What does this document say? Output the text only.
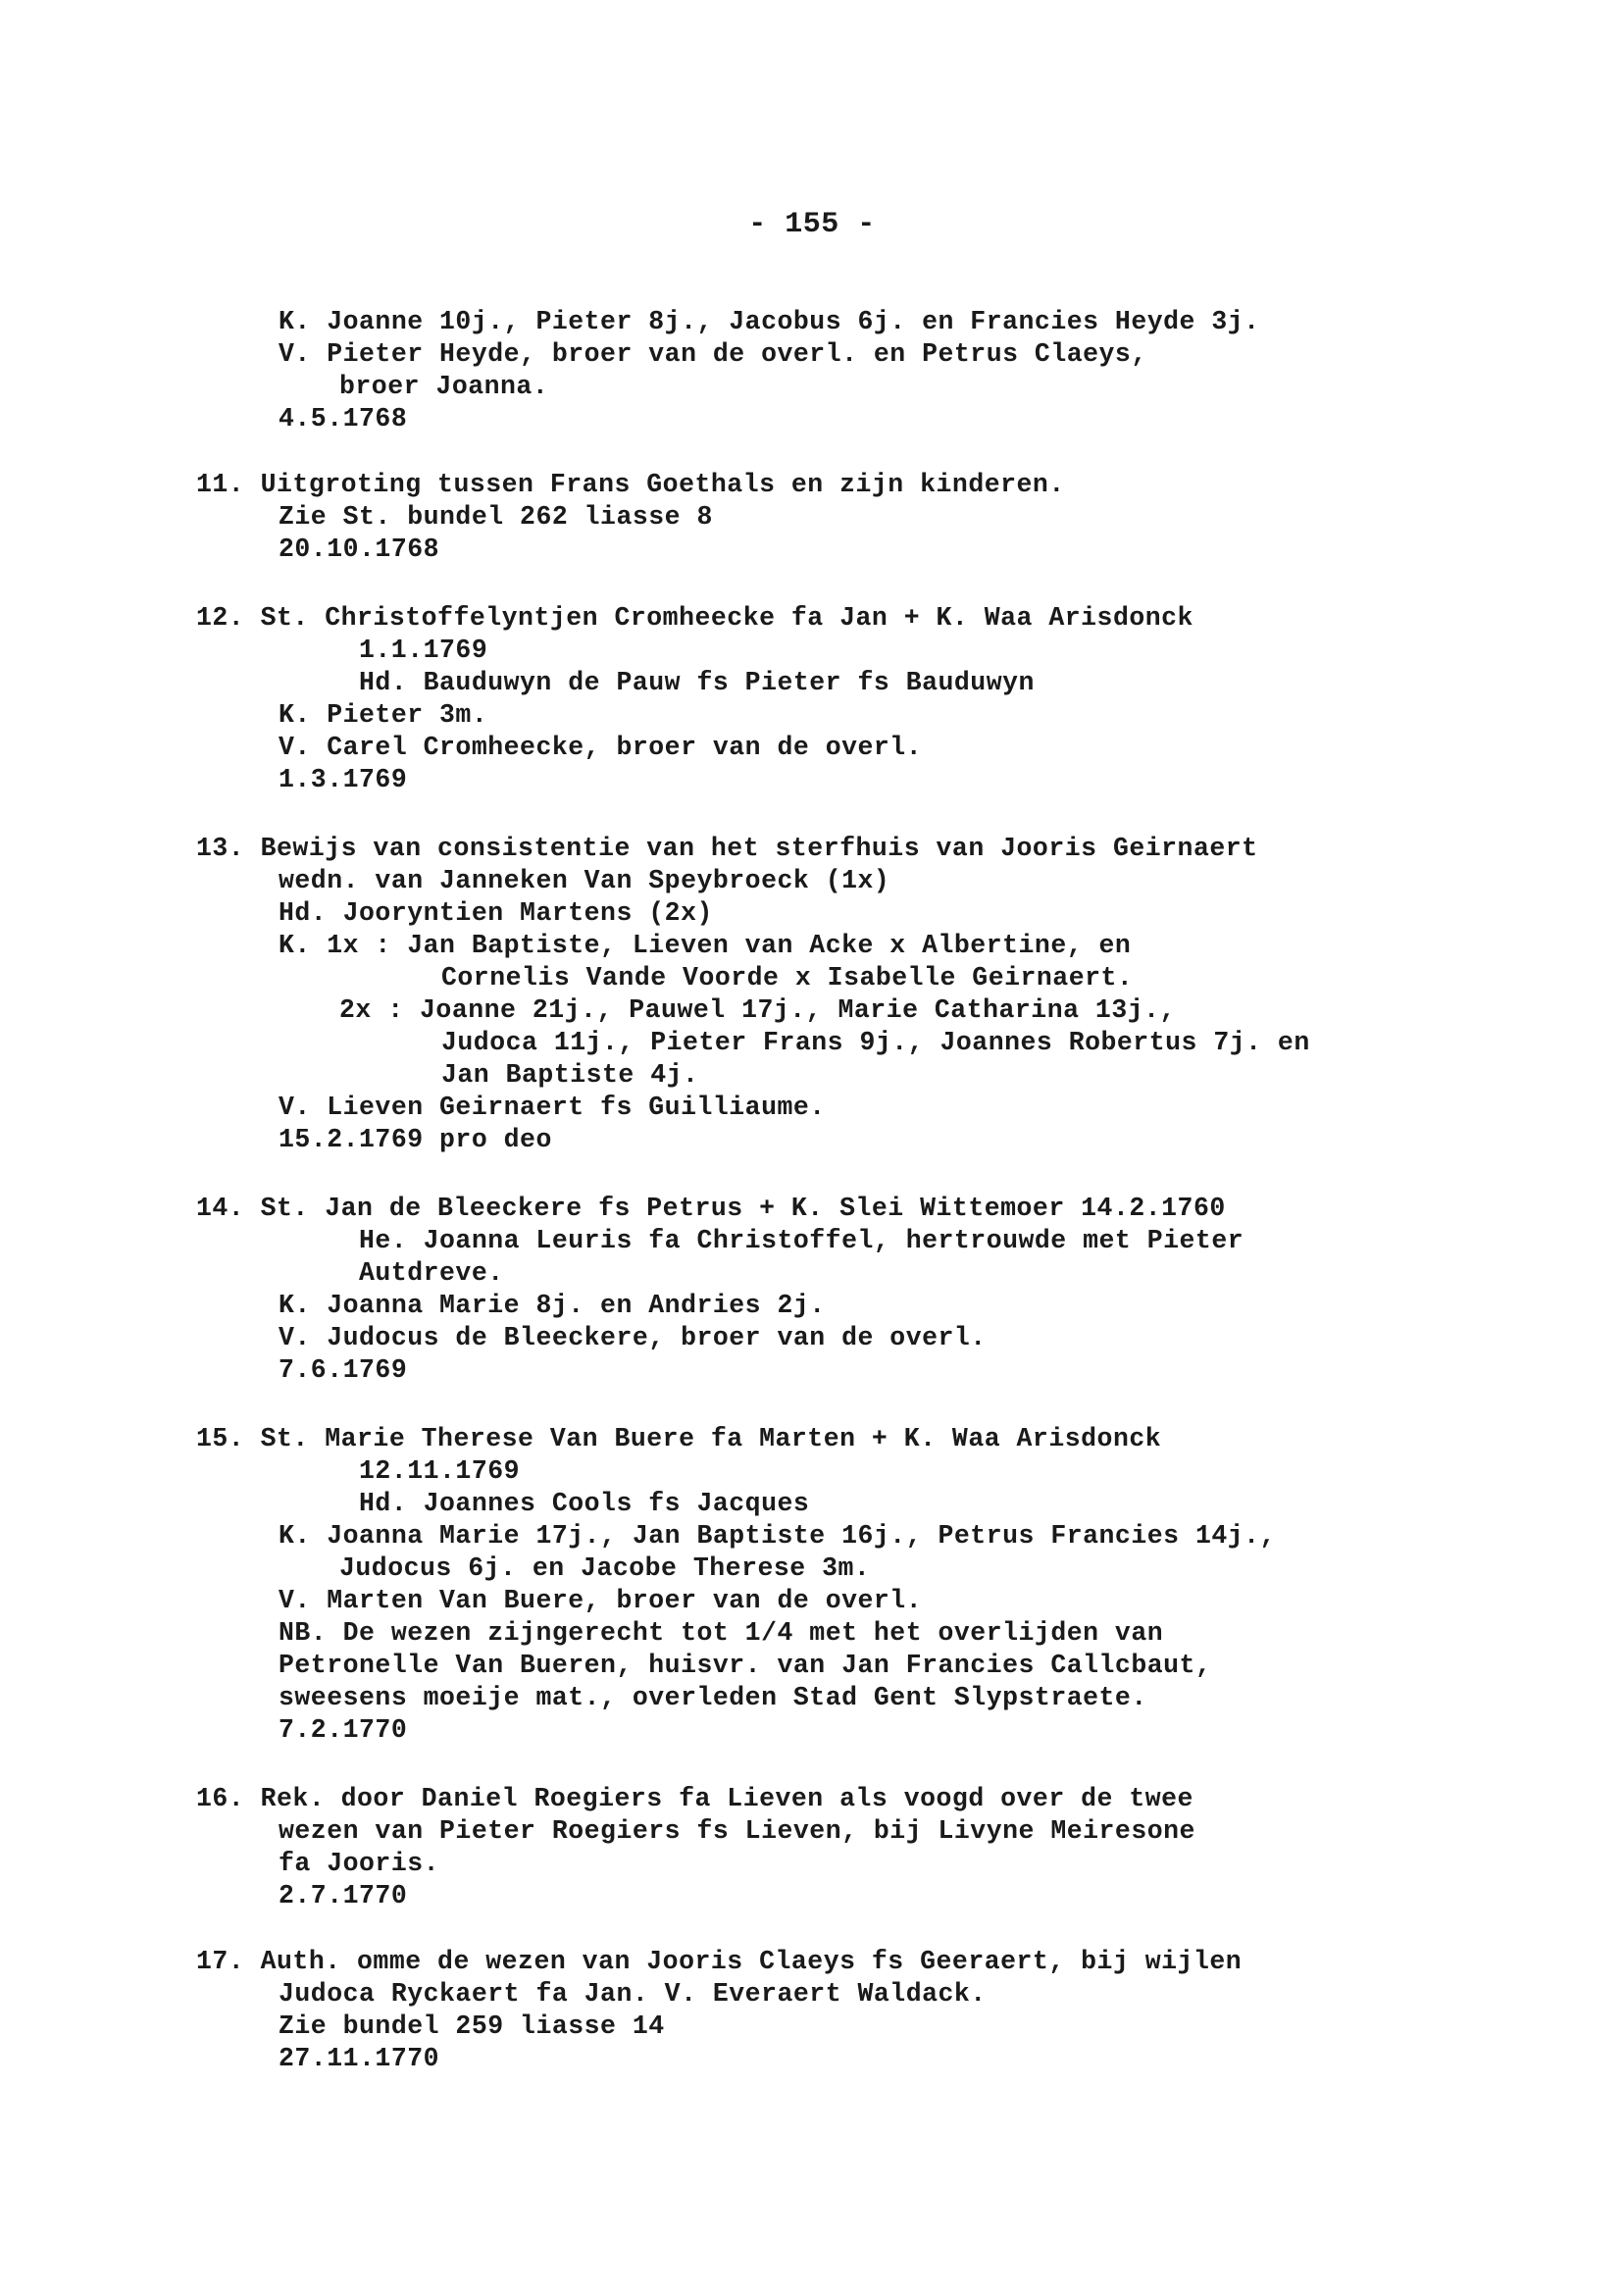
- 155 -
K. Joanne 10j., Pieter 8j., Jacobus 6j. en Francies Heyde 3j.
V. Pieter Heyde, broer van de overl. en Petrus Claeys,
broer Joanna.
4.5.1768
11. Uitgroting tussen Frans Goethals en zijn kinderen.
Zie St. bundel 262 liasse 8
20.10.1768
12. St. Christoffelyntjen Cromheecke fa Jan + K. Waa Arisdonck
1.1.1769
Hd. Bauduwyn de Pauw fs Pieter fs Bauduwyn
K. Pieter 3m.
V. Carel Cromheecke, broer van de overl.
1.3.1769
13. Bewijs van consistentie van het sterfhuis van Jooris Geirnaert
wedn. van Janneken Van Speybroeck (1x)
Hd. Jooryntien Martens (2x)
K. 1x : Jan Baptiste, Lieven van Acke x Albertine, en
Cornelis Vande Voorde x Isabelle Geirnaert.
2x : Joanne 21j., Pauwel 17j., Marie Catharina 13j.,
Judoca 11j., Pieter Frans 9j., Joannes Robertus 7j. en
Jan Baptiste 4j.
V. Lieven Geirnaert fs Guilliaume.
15.2.1769 pro deo
14. St. Jan de Bleeckere fs Petrus + K. Slei Wittemoer 14.2.1760
He. Joanna Leuris fa Christoffel, hertrouwde met Pieter
Autdreve.
K. Joanna Marie 8j. en Andries 2j.
V. Judocus de Bleeckere, broer van de overl.
7.6.1769
15. St. Marie Therese Van Buere fa Marten + K. Waa Arisdonck
12.11.1769
Hd. Joannes Cools fs Jacques
K. Joanna Marie 17j., Jan Baptiste 16j., Petrus Francies 14j.,
Judocus 6j. en Jacobe Therese 3m.
V. Marten Van Buere, broer van de overl.
NB. De wezen zijngerecht tot 1/4 met het overlijden van
Petronelle Van Bueren, huisvr. van Jan Francies Callcbaut,
sweesens moeije mat., overleden Stad Gent Slypstraete.
7.2.1770
16. Rek. door Daniel Roegiers fa Lieven als voogd over de twee
wezen van Pieter Roegiers fs Lieven, bij Livyne Meiresone
fa Jooris.
2.7.1770
17. Auth. omme de wezen van Jooris Claeys fs Geeraert, bij wijlen
Judoca Ryckaert fa Jan. V. Everaert Waldack.
Zie bundel 259 liasse 14
27.11.1770
